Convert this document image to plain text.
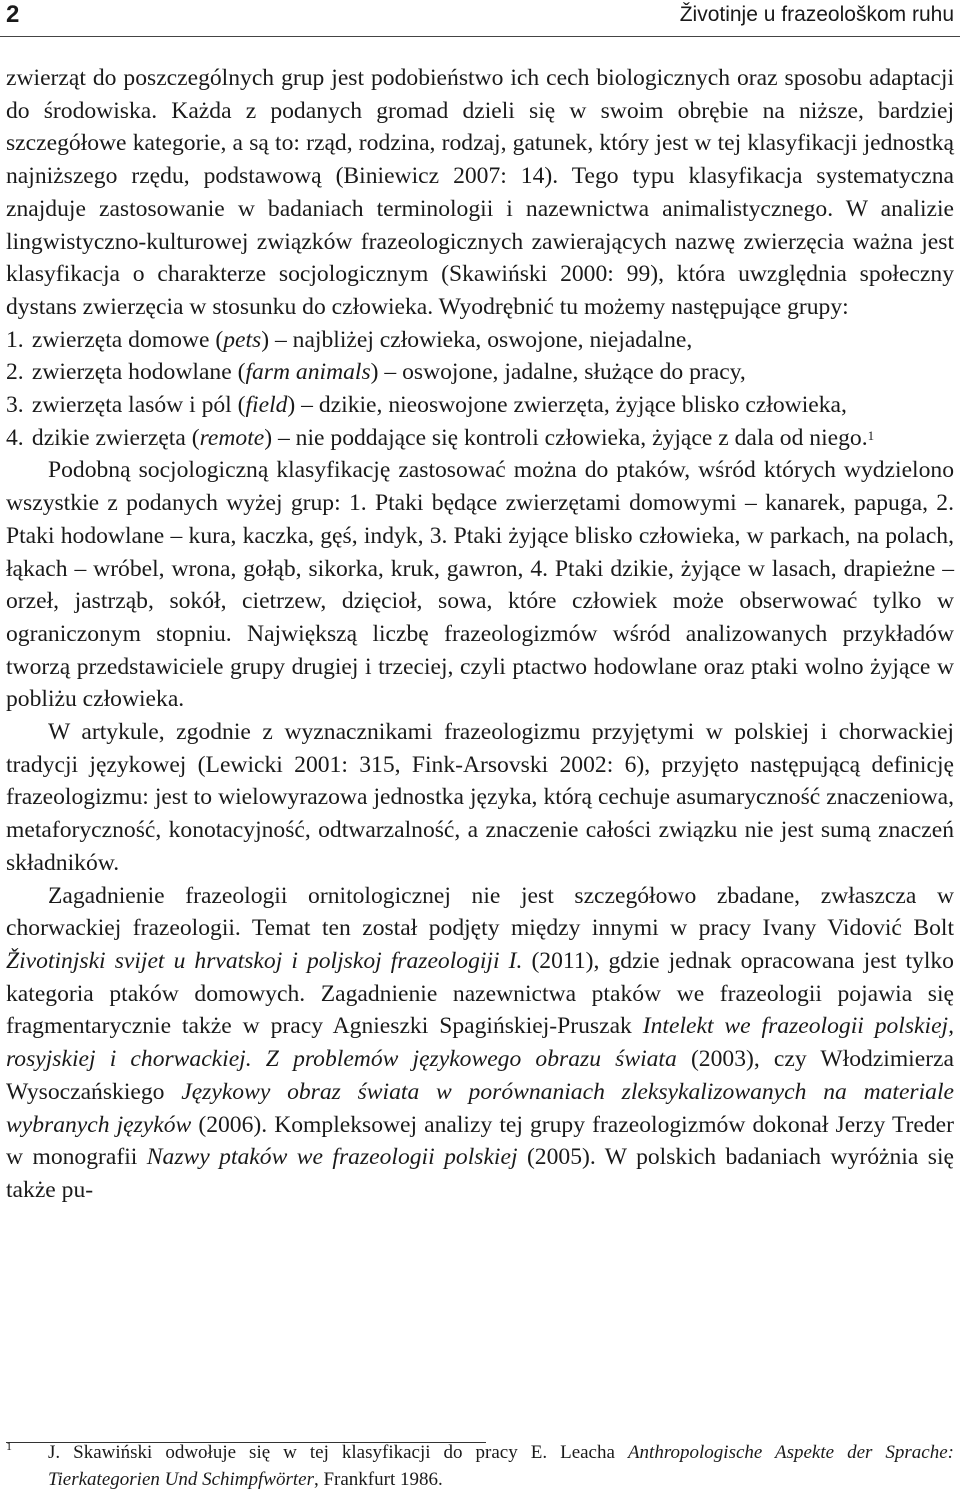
2	Životinje u frazeološkom ruhu

zwierząt do poszczególnych grup jest podobieństwo ich cech biologicznych oraz sposobu adaptacji do środowiska. Każda z podanych gromad dzieli się w swoim obrębie na niższe, bardziej szczegółowe kategorie, a są to: rząd, rodzina, rodzaj, gatunek, który jest w tej klasyfikacji jednostką najniższego rzędu, podstawową (Biniewicz 2007: 14). Tego typu klasyfikacja systematyczna znajduje zastosowanie w badaniach terminologii i nazewnictwa animalistycznego. W analizie lingwistyczno-kulturowej związków frazeologicznych zawierających nazwę zwierzęcia ważna jest klasyfikacja o charakterze socjologicznym (Skawiński 2000: 99), która uwzględnia społeczny dystans zwierzęcia w stosunku do człowieka. Wyodrębnić tu możemy następujące grupy:

1. zwierzęta domowe (pets) – najbliżej człowieka, oswojone, niejadalne,
2. zwierzęta hodowlane (farm animals) – oswojone, jadalne, służące do pracy,
3. zwierzęta lasów i pól (field) – dzikie, nieoswojone zwierzęta, żyjące blisko człowieka,
4. dzikie zwierzęta (remote) – nie poddające się kontroli człowieka, żyjące z dala od niego.$^1$

Podobną socjologiczną klasyfikację zastosować można do ptaków, wśród których wydzielono wszystkie z podanych wyżej grup: 1. Ptaki będące zwierzętami domowymi – kanarek, papuga, 2. Ptaki hodowlane – kura, kaczka, gęś, indyk, 3. Ptaki żyjące blisko człowieka, w parkach, na polach, łąkach – wróbel, wrona, gołąb, sikorka, kruk, gawron, 4. Ptaki dzikie, żyjące w lasach, drapieżne – orzeł, jastrząb, sokół, cietrzew, dzięcioł, sowa, które człowiek może obserwować tylko w ograniczonym stopniu. Największą liczbę frazeologizmów wśród analizowanych przykładów tworzą przedstawiciele grupy drugiej i trzeciej, czyli ptactwo hodowlane oraz ptaki wolno żyjące w pobliżu człowieka.

W artykule, zgodnie z wyznacznikami frazeologizmu przyjętymi w polskiej i chorwackiej tradycji językowej (Lewicki 2001: 315, Fink-Arsovski 2002: 6), przyjęto następującą definicję frazeologizmu: jest to wielowyrazowa jednostka języka, którą cechuje asumaryczność znaczeniowa, metaforyczność, konotacyjność, odtwarzalność, a znaczenie całości związku nie jest sumą znaczeń składników.

Zagadnienie frazeologii ornitologicznej nie jest szczegółowo zbadane, zwłaszcza w chorwackiej frazeologii. Temat ten został podjęty między innymi w pracy Ivany Vidović Bolt Životinjski svijet u hrvatskoj i poljskoj frazeologiji I. (2011), gdzie jednak opracowana jest tylko kategoria ptaków domowych. Zagadnienie nazewnictwa ptaków we frazeologii pojawia się fragmentarycznie także w pracy Agnieszki Spagińskiej-Pruszak Intelekt we frazeologii polskiej, rosyjskiej i chorwackiej. Z problemów językowego obrazu świata (2003), czy Włodzimierza Wysoczańskiego Językowy obraz świata w porównaniach zleksykalizowanych na materiale wybranych języków (2006). Kompleksowej analizy tej grupy frazeologizmów dokonał Jerzy Treder w monografii Nazwy ptaków we frazeologii polskiej (2005). W polskich badaniach wyróżnia się także pu-

1	J. Skawiński odwołuje się w tej klasyfikacji do pracy E. Leacha Anthropologische Aspekte der Sprache: Tierkategorien Und Schimpfwörter, Frankfurt 1986.
